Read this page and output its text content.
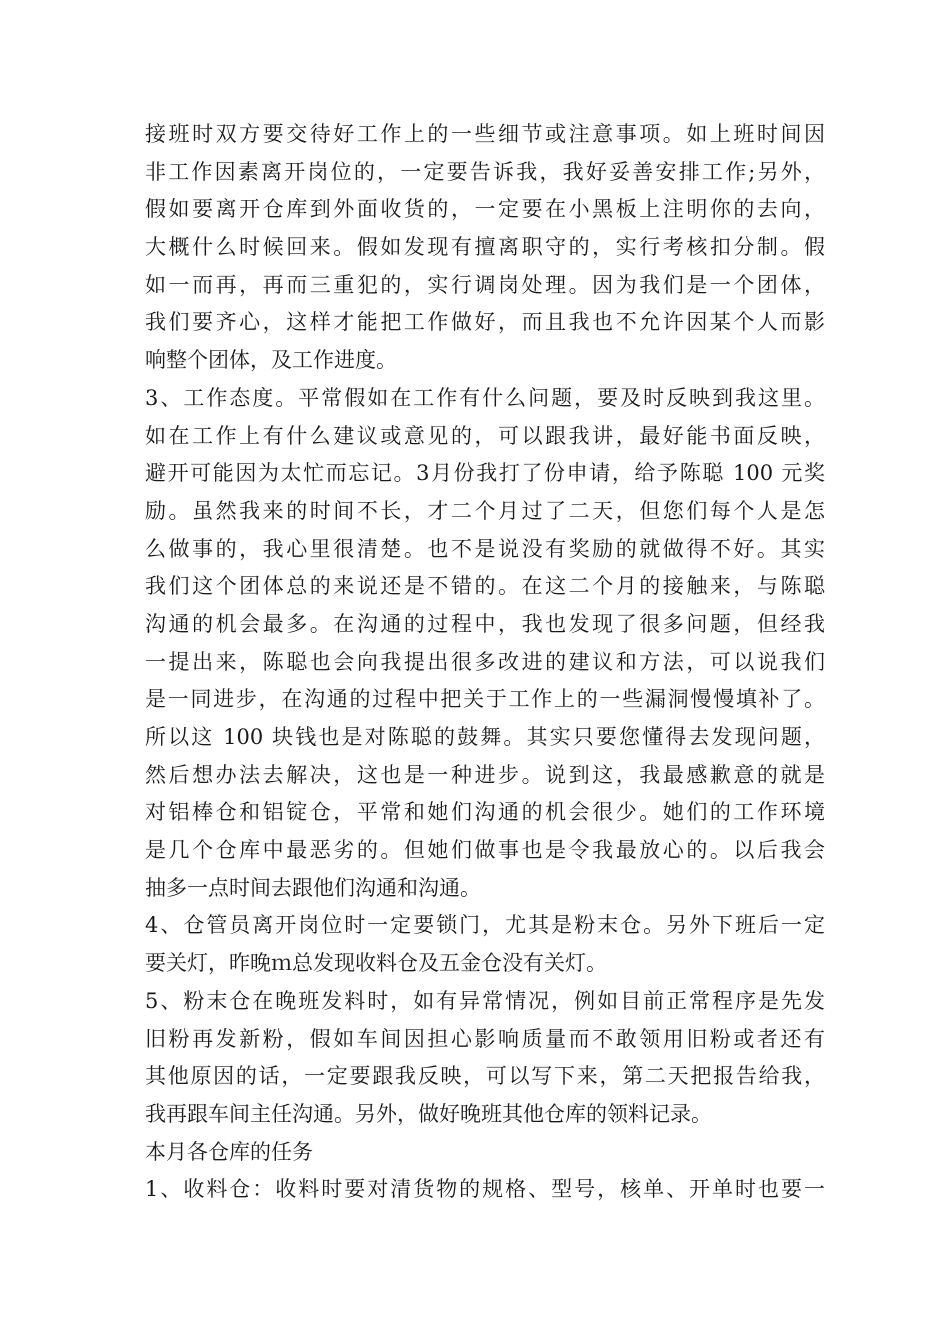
接班时双方要交待好工作上的一些细节或注意事项。如上班时间因
非工作因素离开岗位的，一定要告诉我，我好妥善安排工作;另外，
假如要离开仓库到外面收货的，一定要在小黑板上注明你的去向，
大概什么时候回来。假如发现有擅离职守的，实行考核扣分制。假
如一而再，再而三重犯的，实行调岗处理。因为我们是一个团体，
我们要齐心，这样才能把工作做好，而且我也不允许因某个人而影
响整个团体，及工作进度。
3、工作态度。平常假如在工作有什么问题，要及时反映到我这里。
如在工作上有什么建议或意见的，可以跟我讲，最好能书面反映，
避开可能因为太忙而忘记。3月份我打了份申请，给予陈聪 100 元奖
励。虽然我来的时间不长，才二个月过了二天，但您们每个人是怎
么做事的，我心里很清楚。也不是说没有奖励的就做得不好。其实
我们这个团体总的来说还是不错的。在这二个月的接触来，与陈聪
沟通的机会最多。在沟通的过程中，我也发现了很多问题，但经我
一提出来，陈聪也会向我提出很多改进的建议和方法，可以说我们
是一同进步，在沟通的过程中把关于工作上的一些漏洞慢慢填补了。
所以这 100 块钱也是对陈聪的鼓舞。其实只要您懂得去发现问题，
然后想办法去解决，这也是一种进步。说到这，我最感歉意的就是
对铝棒仓和铝锭仓，平常和她们沟通的机会很少。她们的工作环境
是几个仓库中最恶劣的。但她们做事也是令我最放心的。以后我会
抽多一点时间去跟他们沟通和沟通。
4、仓管员离开岗位时一定要锁门，尤其是粉末仓。另外下班后一定
要关灯，昨晚ｍ总发现收料仓及五金仓没有关灯。
5、粉末仓在晚班发料时，如有异常情况，例如目前正常程序是先发
旧粉再发新粉，假如车间因担心影响质量而不敢领用旧粉或者还有
其他原因的话，一定要跟我反映，可以写下来，第二天把报告给我，
我再跟车间主任沟通。另外，做好晚班其他仓库的领料记录。
本月各仓库的任务
1、收料仓：收料时要对清货物的规格、型号，核单、开单时也要一
